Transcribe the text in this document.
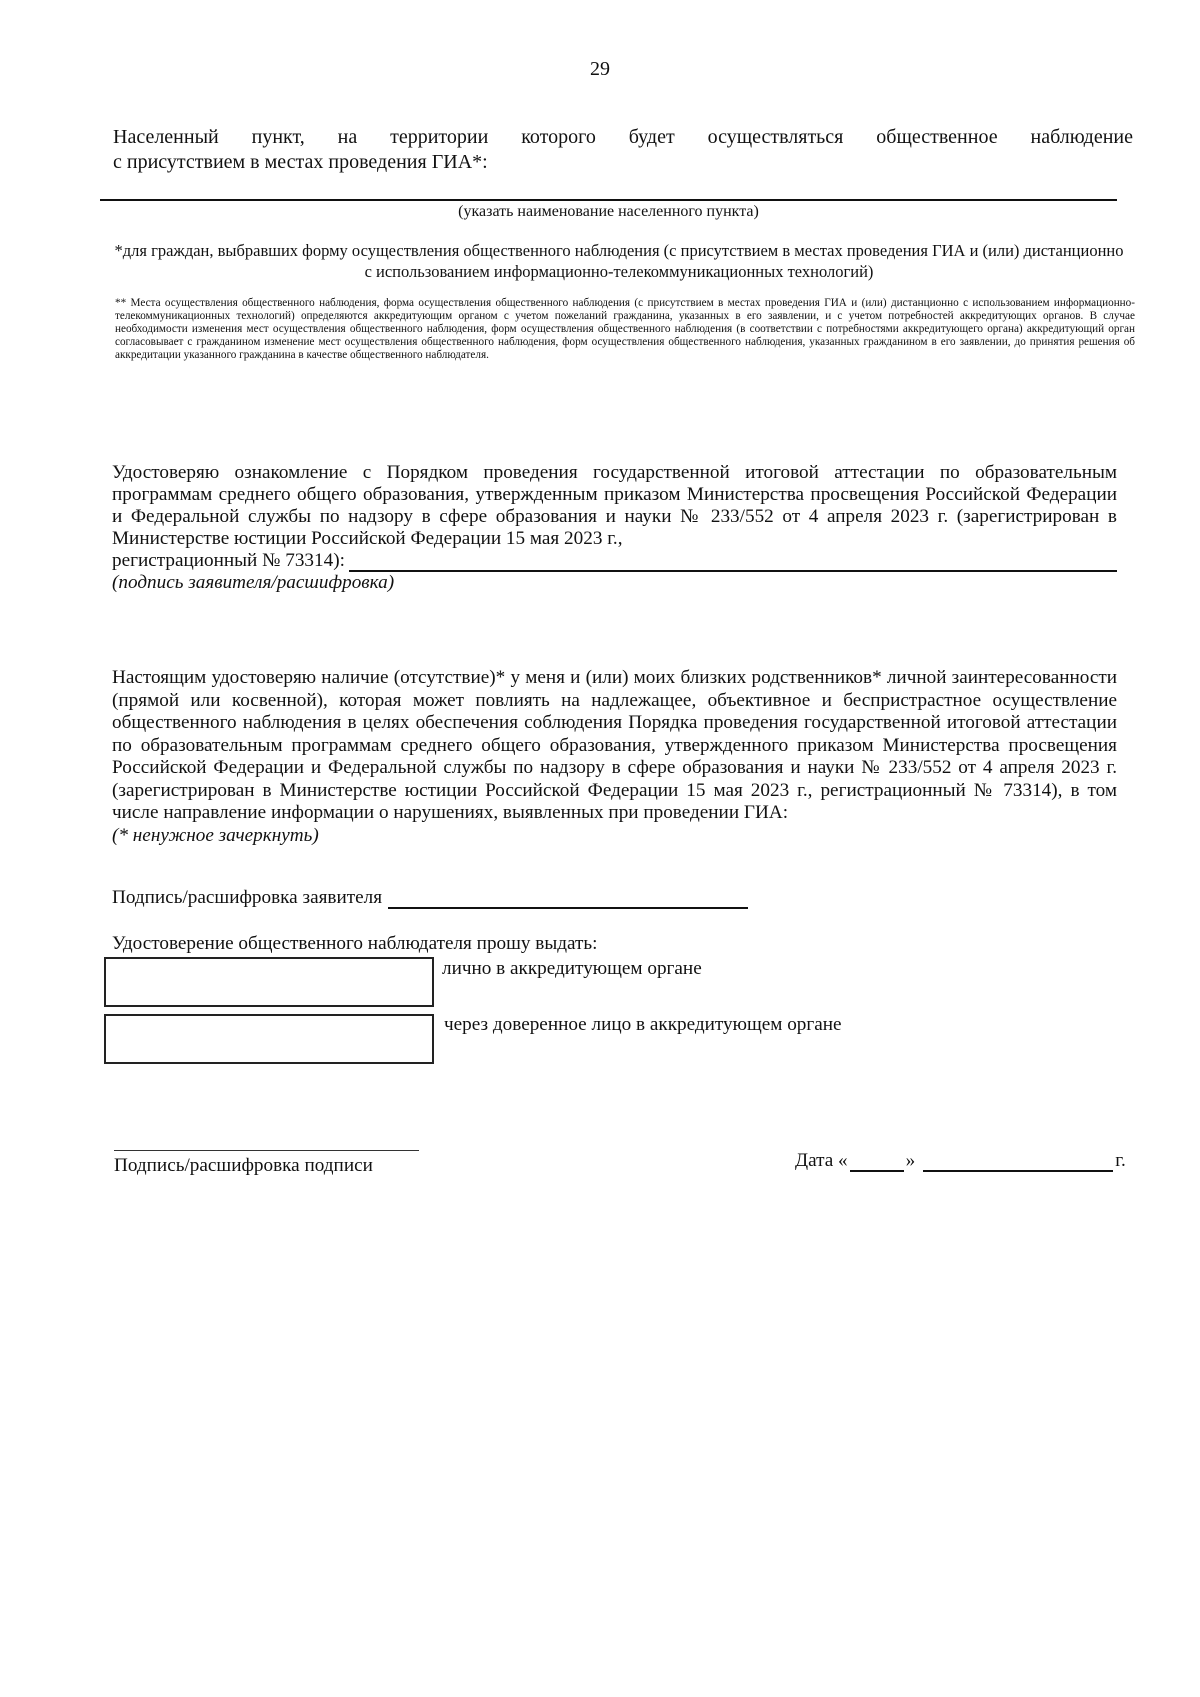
29
Населенный пункт, на территории которого будет осуществляться общественное наблюдение
с присутствием в местах проведения ГИА*:
(указать наименование населенного пункта)
*для граждан, выбравших форму осуществления общественного наблюдения (с присутствием в местах проведения ГИА и (или) дистанционно с использованием информационно-телекоммуникационных технологий)
** Места осуществления общественного наблюдения, форма осуществления общественного наблюдения (с присутствием в местах проведения ГИА и (или) дистанционно с использованием информационно-телекоммуникационных технологий) определяются аккредитующим органом с учетом пожеланий гражданина, указанных в его заявлении, и с учетом потребностей аккредитующих органов. В случае необходимости изменения мест осуществления общественного наблюдения, форм осуществления общественного наблюдения (в соответствии с потребностями аккредитующего органа) аккредитующий орган согласовывает с гражданином изменение мест осуществления общественного наблюдения, форм осуществления общественного наблюдения, указанных гражданином в его заявлении, до принятия решения об аккредитации указанного гражданина в качестве общественного наблюдателя.
Удостоверяю ознакомление с Порядком проведения государственной итоговой аттестации по образовательным программам среднего общего образования, утвержденным приказом Министерства просвещения Российской Федерации и Федеральной службы по надзору в сфере образования и науки № 233/552 от 4 апреля 2023 г. (зарегистрирован в Министерстве юстиции Российской Федерации 15 мая 2023 г.,
регистрационный № 73314):
(подпись заявителя/расшифровка)
Настоящим удостоверяю наличие (отсутствие)* у меня и (или) моих близких родственников* личной заинтересованности (прямой или косвенной), которая может повлиять на надлежащее, объективное и беспристрастное осуществление общественного наблюдения в целях обеспечения соблюдения Порядка проведения государственной итоговой аттестации по образовательным программам среднего общего образования, утвержденного приказом Министерства просвещения Российской Федерации и Федеральной службы по надзору в сфере образования и науки № 233/552 от 4 апреля 2023 г. (зарегистрирован в Министерстве юстиции Российской Федерации 15 мая 2023 г., регистрационный № 73314), в том числе направление информации о нарушениях, выявленных при проведении ГИА:
(* ненужное зачеркнуть)
Подпись/расшифровка заявителя
Удостоверение общественного наблюдателя прошу выдать:
лично в аккредитующем органе
через доверенное лицо в аккредитующем органе
Подпись/расшифровка подписи	Дата «	»	г.
